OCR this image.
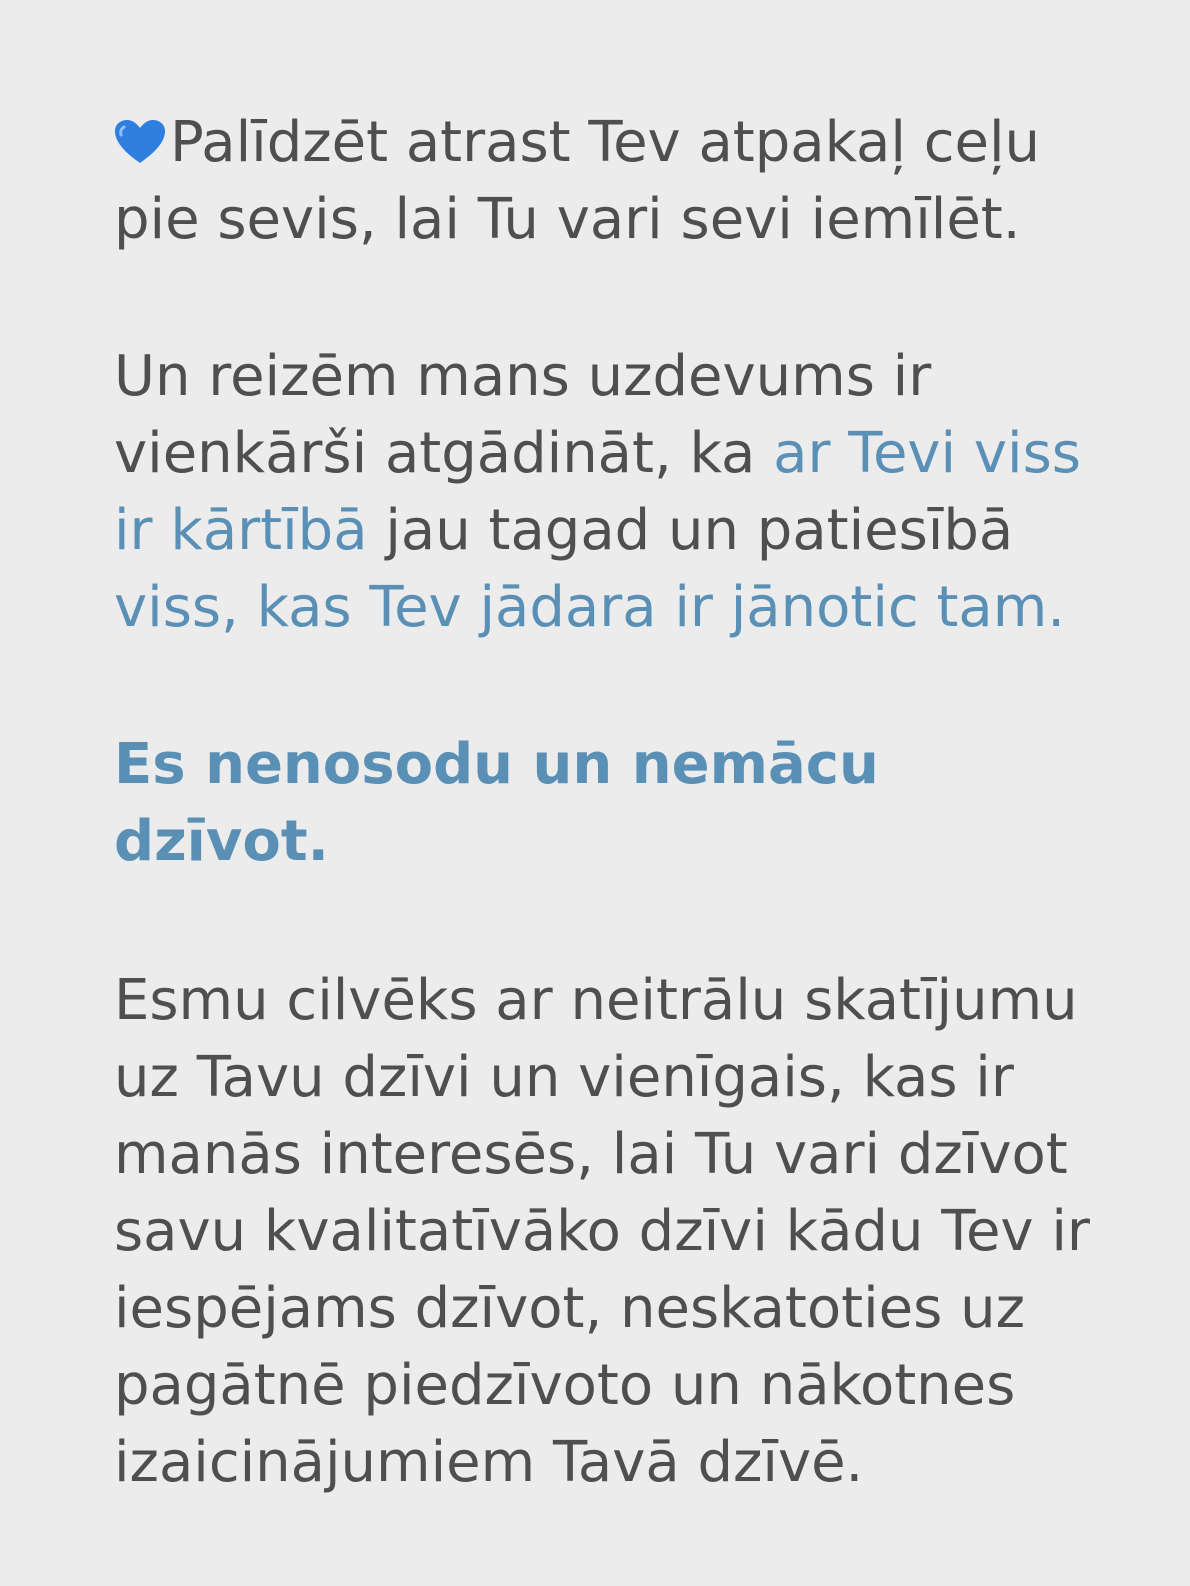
Palīdzēt atrast Tev atpakaļ ceļu pie sevis, lai Tu vari sevi iemīlēt.

Un reizēm mans uzdevums ir vienkārši atgādināt, ka ar Tevi viss ir kārtībā jau tagad un patiesībā viss, kas Tev jādara ir jānotic tam.

Es nenosodu un nemācu dzīvot.

Esmu cilvēks ar neitrālu skatījumu uz Tavu dzīvi un vienīgais, kas ir manās interesēs, lai Tu vari dzīvot savu kvalitatīvāko dzīvi kādu Tev ir iespējams dzīvot, neskatoties uz pagātnē piedzīvoto un nākotnes izaicinājumiem Tavā dzīvē.
